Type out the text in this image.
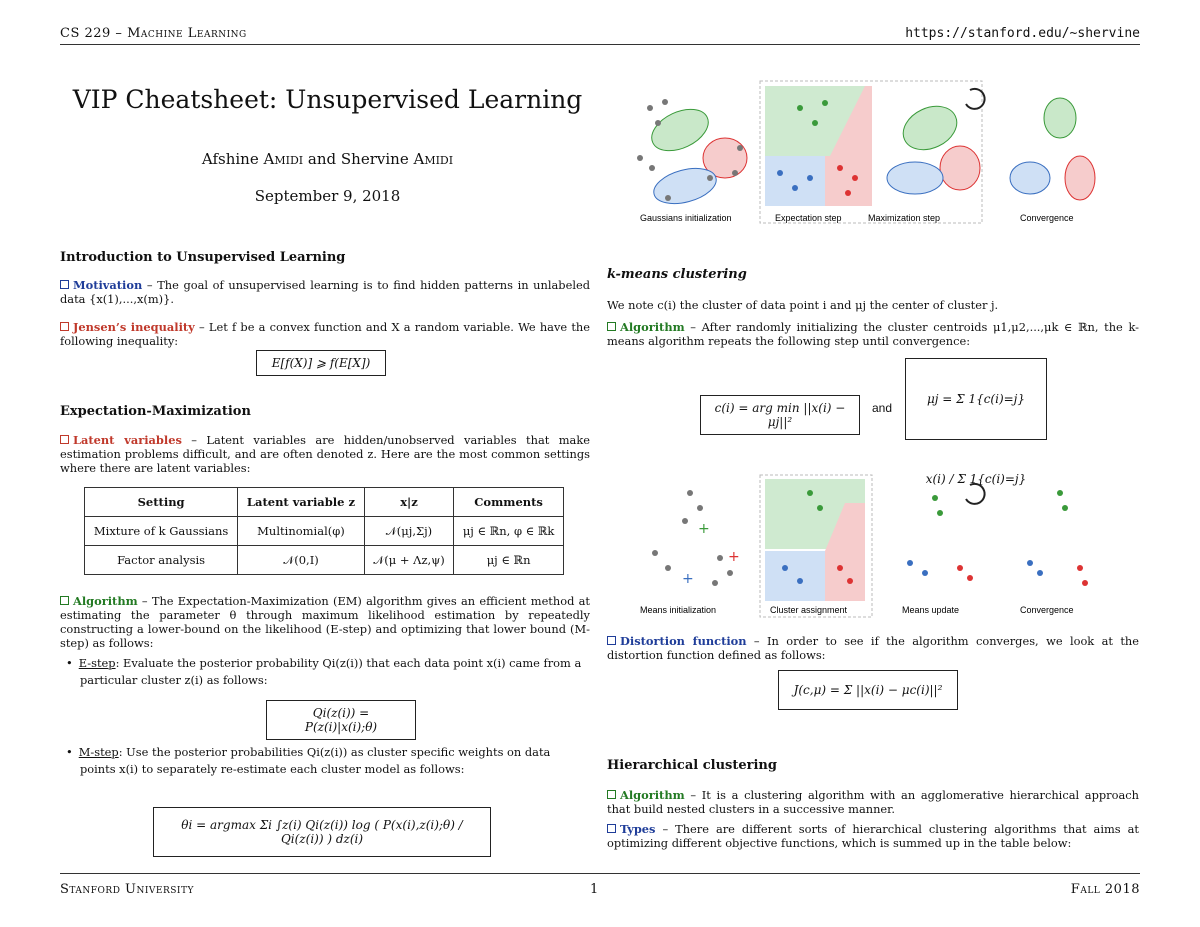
CS 229 – Machine Learning	https://stanford.edu/~shervine
VIP Cheatsheet: Unsupervised Learning
Afshine Amidi and Shervine Amidi
September 9, 2018
Introduction to Unsupervised Learning
Motivation – The goal of unsupervised learning is to find hidden patterns in unlabeled data {x(1),...,x(m)}.
Jensen’s inequality – Let f be a convex function and X a random variable. We have the following inequality:
E[f(X)] ⩾ f(E[X])
Expectation-Maximization
Latent variables – Latent variables are hidden/unobserved variables that make estimation problems difficult, and are often denoted z. Here are the most common settings where there are latent variables:
Setting	Latent variable z	x|z	Comments
Mixture of k Gaussians	Multinomial(φ)	𝒩(μj,Σj)	μj ∈ ℝn, φ ∈ ℝk
Factor analysis	𝒩(0,I)	𝒩(μ + Λz,ψ)	μj ∈ ℝn
Algorithm – The Expectation-Maximization (EM) algorithm gives an efficient method at estimating the parameter θ through maximum likelihood estimation by repeatedly constructing a lower-bound on the likelihood (E-step) and optimizing that lower bound (M-step) as follows:
• E-step: Evaluate the posterior probability Qi(z(i)) that each data point x(i) came from a particular cluster z(i) as follows:
Qi(z(i)) = P(z(i)|x(i);θ)
• M-step: Use the posterior probabilities Qi(z(i)) as cluster specific weights on data points x(i) to separately re-estimate each cluster model as follows:
θi = argmax Σi ∫z(i) Qi(z(i)) log ( P(x(i),z(i);θ) / Qi(z(i)) ) dz(i)
Gaussians initialization	Expectation step	Maximization step	Convergence
k-means clustering
We note c(i) the cluster of data point i and μj the center of cluster j.
Algorithm – After randomly initializing the cluster centroids μ1,μ2,...,μk ∈ ℝn, the k-means algorithm repeats the following step until convergence:
c(i) = arg min ||x(i) − μj||²
and
μj = Σ 1{c(i)=j} x(i) / Σ 1{c(i)=j}
+
+
+
Means initialization	Cluster assignment	Means update	Convergence
Distortion function – In order to see if the algorithm converges, we look at the distortion function defined as follows:
J(c,μ) = Σ ||x(i) − μc(i)||²
Hierarchical clustering
Algorithm – It is a clustering algorithm with an agglomerative hierarchical approach that build nested clusters in a successive manner.
Types – There are different sorts of hierarchical clustering algorithms that aims at optimizing different objective functions, which is summed up in the table below:
Stanford University	1	Fall 2018
